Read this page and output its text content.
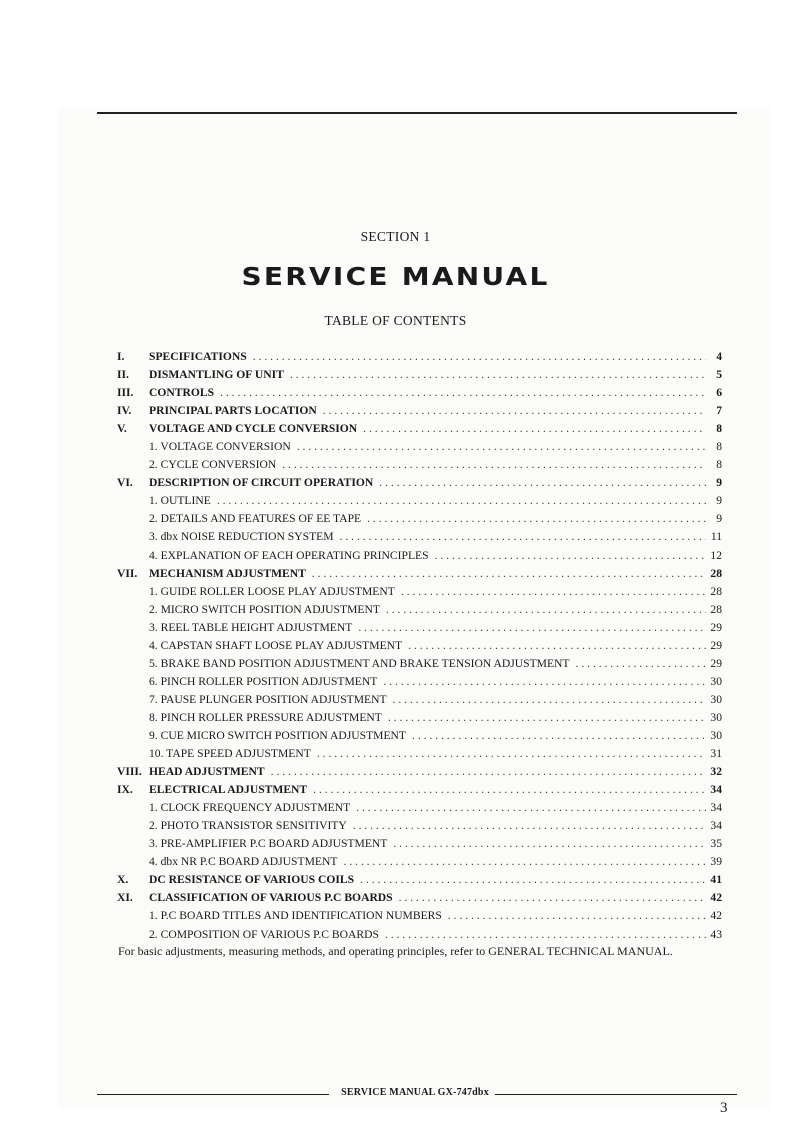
SECTION 1
SERVICE MANUAL
TABLE OF CONTENTS
I.	SPECIFICATIONS . . .	4
II.	DISMANTLING OF UNIT . . .	5
III.	CONTROLS . . .	6
IV.	PRINCIPAL PARTS LOCATION . . .	7
V.	VOLTAGE AND CYCLE CONVERSION . . .	8
1. VOLTAGE CONVERSION . . .	8
2. CYCLE CONVERSION . . .	8
VI.	DESCRIPTION OF CIRCUIT OPERATION . . .	9
1. OUTLINE . . .	9
2. DETAILS AND FEATURES OF EE TAPE . . .	9
3. dbx NOISE REDUCTION SYSTEM . . .	11
4. EXPLANATION OF EACH OPERATING PRINCIPLES . . .	12
VII.	MECHANISM ADJUSTMENT . . .	28
1. GUIDE ROLLER LOOSE PLAY ADJUSTMENT . . .	28
2. MICRO SWITCH POSITION ADJUSTMENT . . .	28
3. REEL TABLE HEIGHT ADJUSTMENT . . .	29
4. CAPSTAN SHAFT LOOSE PLAY ADJUSTMENT . . .	29
5. BRAKE BAND POSITION ADJUSTMENT AND BRAKE TENSION ADJUSTMENT . . .	29
6. PINCH ROLLER POSITION ADJUSTMENT . . .	30
7. PAUSE PLUNGER POSITION ADJUSTMENT . . .	30
8. PINCH ROLLER PRESSURE ADJUSTMENT . . .	30
9. CUE MICRO SWITCH POSITION ADJUSTMENT . . .	30
10. TAPE SPEED ADJUSTMENT . . .	31
VIII. HEAD ADJUSTMENT . . .	32
IX.	ELECTRICAL ADJUSTMENT . . .	34
1. CLOCK FREQUENCY ADJUSTMENT . . .	34
2. PHOTO TRANSISTOR SENSITIVITY . . .	34
3. PRE-AMPLIFIER P.C BOARD ADJUSTMENT . . .	35
4. dbx NR P.C BOARD ADJUSTMENT . . .	39
X.	DC RESISTANCE OF VARIOUS COILS . . .	41
XI.	CLASSIFICATION OF VARIOUS P.C BOARDS . . .	42
1. P.C BOARD TITLES AND IDENTIFICATION NUMBERS . . .	42
2. COMPOSITION OF VARIOUS P.C BOARDS . . .	43
For basic adjustments, measuring methods, and operating principles, refer to GENERAL TECHNICAL MANUAL.
SERVICE MANUAL GX-747dbx
3
